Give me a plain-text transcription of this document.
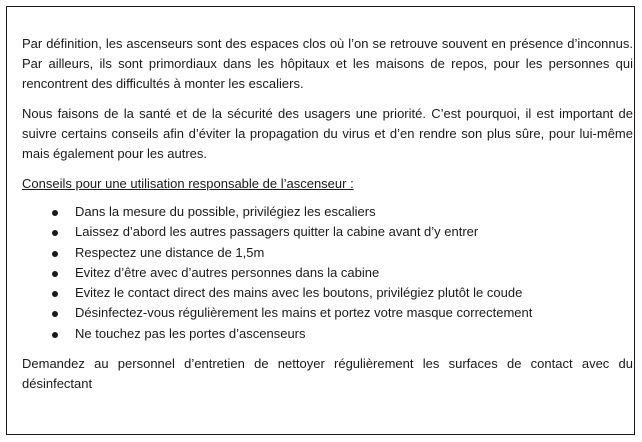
Par définition, les ascenseurs sont des espaces clos où l’on se retrouve souvent en présence d’inconnus. Par ailleurs, ils sont primordiaux dans les hôpitaux et les maisons de repos, pour les personnes qui rencontrent des difficultés à monter les escaliers.

Nous faisons de la santé et de la sécurité des usagers une priorité. C’est pourquoi, il est important de suivre certains conseils afin d’éviter la propagation du virus et d’en rendre son plus sûre, pour lui-même mais également pour les autres.

Conseils pour une utilisation responsable de l’ascenseur :

Dans la mesure du possible, privilégiez les escaliers
Laissez d’abord les autres passagers quitter la cabine avant d’y entrer
Respectez une distance de 1,5m
Evitez d’être avec d’autres personnes dans la cabine
Evitez le contact direct des mains avec les boutons, privilégiez plutôt le coude
Désinfectez-vous régulièrement les mains et portez votre masque correctement
Ne touchez pas les portes d’ascenseurs

Demandez au personnel d’entretien de nettoyer régulièrement les surfaces de contact avec du désinfectant
